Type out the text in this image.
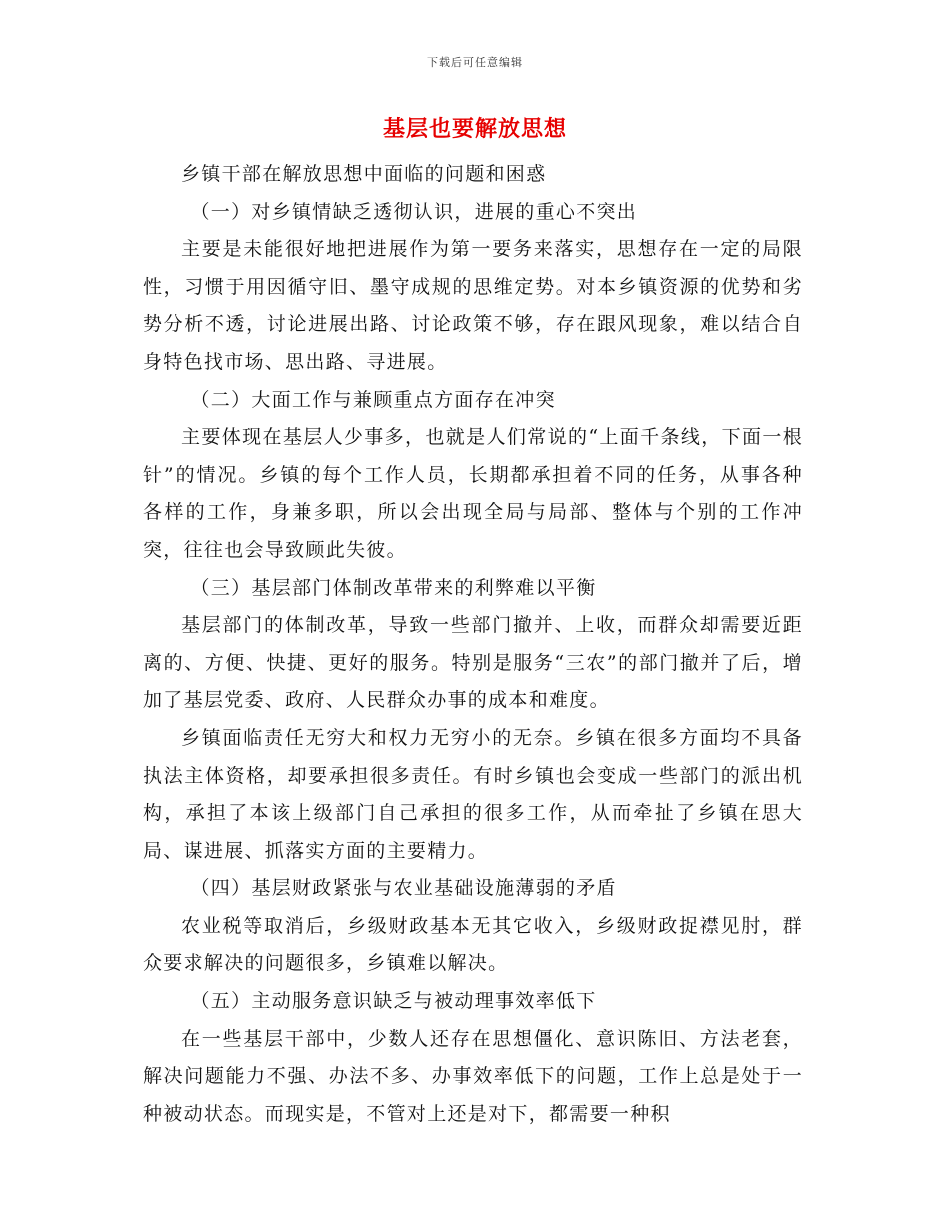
下载后可任意编辑
基层也要解放思想

乡镇干部在解放思想中面临的问题和困惑

（一）对乡镇情缺乏透彻认识，进展的重心不突出

主要是未能很好地把进展作为第一要务来落实，思想存在一定的局限性，习惯于用因循守旧、墨守成规的思维定势。对本乡镇资源的优势和劣势分析不透，讨论进展出路、讨论政策不够，存在跟风现象，难以结合自身特色找市场、思出路、寻进展。

（二）大面工作与兼顾重点方面存在冲突

主要体现在基层人少事多，也就是人们常说的“上面千条线，下面一根针”的情况。乡镇的每个工作人员，长期都承担着不同的任务，从事各种各样的工作，身兼多职，所以会出现全局与局部、整体与个别的工作冲突，往往也会导致顾此失彼。

（三）基层部门体制改革带来的利弊难以平衡

基层部门的体制改革，导致一些部门撤并、上收，而群众却需要近距离的、方便、快捷、更好的服务。特别是服务“三农”的部门撤并了后，增加了基层党委、政府、人民群众办事的成本和难度。

乡镇面临责任无穷大和权力无穷小的无奈。乡镇在很多方面均不具备执法主体资格，却要承担很多责任。有时乡镇也会变成一些部门的派出机构，承担了本该上级部门自己承担的很多工作，从而牵扯了乡镇在思大局、谋进展、抓落实方面的主要精力。

（四）基层财政紧张与农业基础设施薄弱的矛盾

农业税等取消后，乡级财政基本无其它收入，乡级财政捉襟见肘，群众要求解决的问题很多，乡镇难以解决。

（五）主动服务意识缺乏与被动理事效率低下

在一些基层干部中，少数人还存在思想僵化、意识陈旧、方法老套，解决问题能力不强、办法不多、办事效率低下的问题，工作上总是处于一种被动状态。而现实是，不管对上还是对下，都需要一种积
